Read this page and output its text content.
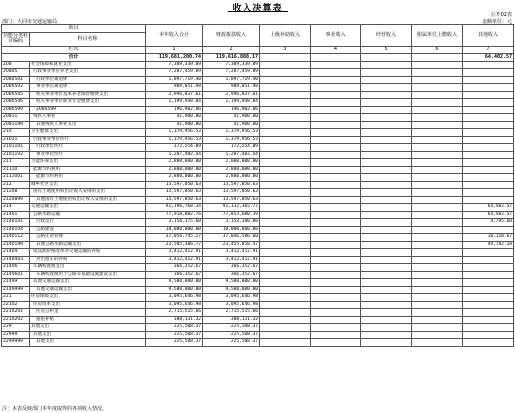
收入决算表
公开02表
部门：大同市交通运输局	金额单位：元
项目		本年收入合计	财政拨款收入	上级补助收入	事业收入	经营收入	附属单位上缴收入	其他收入
功能分类科目编码	科目名称							

栏次		1	2	3	4	5	6	7
合计		119,681,200.74	119,616,888.17					64,402.57
208	社会保障和就业支出	7,389,339.89	7,389,339.89					
20805	行政事业单位养老支出	7,287,459.89	7,287,459.89					
2080501	行政单位离退休	1,897,719.40	1,897,719.40					
2080502	事业单位离退休	989,051.98	989,051.98					
2080505	机关事业单位基本养老保险缴费支出	2,996,837.61	2,996,837.61					
2080506	机关事业单位职业年金缴费支出	1,199,948.04	1,199,948.04					
2080599	2080599	196,902.86	196,902.86					
20811	残疾人事业	41,900.00	41,900.00					
2081199	其他残疾人事业支出	41,900.00	41,900.00					
210	卫生健康支出	1,379,956.53	1,379,956.53					
21011	行政事业单位医疗	1,379,956.53	1,379,956.53					
2101101	行政单位医疗	172,554.09	172,554.09					
2101102	事业单位医疗	1,207,402.44	1,207,402.44					
211	节能环保支出	2,880,000.00	2,880,000.00					
21110	能源节约利用	2,880,000.00	2,880,000.00					
2111001	能源节约利用	2,880,000.00	2,880,000.00					
212	城乡社区支出	13,597,050.63	13,597,050.63					
21208	国有土地使用权出让收入安排的支出	13,597,050.63	13,597,050.63					
2120899	其他国有土地使用权出让收入安排的支出	13,597,050.63	13,597,050.63					
214	交通运输支出	91,196,768.34	91,132,365.77					64,402.57
21401	公路水路运输	77,918,002.76	77,853,600.19					64,402.57
2140101	行政运行	3,158,175.60	3,153,380.00					4,795.60
2140104	公路建设	10,000,000.00	10,000,000.00					
2140112	公路还贷管理	37,056,745.27	37,046,586.60					10,158.67
2140199	其他公路水路运输支出	23,505,306.77	23,455,858.47					49,782.18
21404	成品油价格改革对交通运输的补贴	3,412,412.91	3,412,412.91					
2140403	对出租车的补贴	3,412,412.91	3,412,412.91					
21406	车辆购置税支出	366,352.67	366,352.67					
2140601	车辆购置税用于公路等基础设施建设支出	366,352.67	366,352.67					
21499	其他交通运输支出	9,500,000.00	9,500,000.00					
2149999	其他交通运输支出	9,500,000.00	9,500,000.00					
221	住房保障支出	3,095,646.98	3,095,646.98					
22102	住房改革支出	3,095,646.98	3,095,646.98					
2210201	住房公积金	2,715,515.66	2,715,515.66					
2210202	提租补贴	380,131.32	380,131.32					
229	其他支出	225,508.37	225,508.37					
22999	其他支出	225,508.37	225,508.37					
2299999	其他支出	225,508.37	225,508.37					
注：本表反映部门本年度取得的各项收入情况。
